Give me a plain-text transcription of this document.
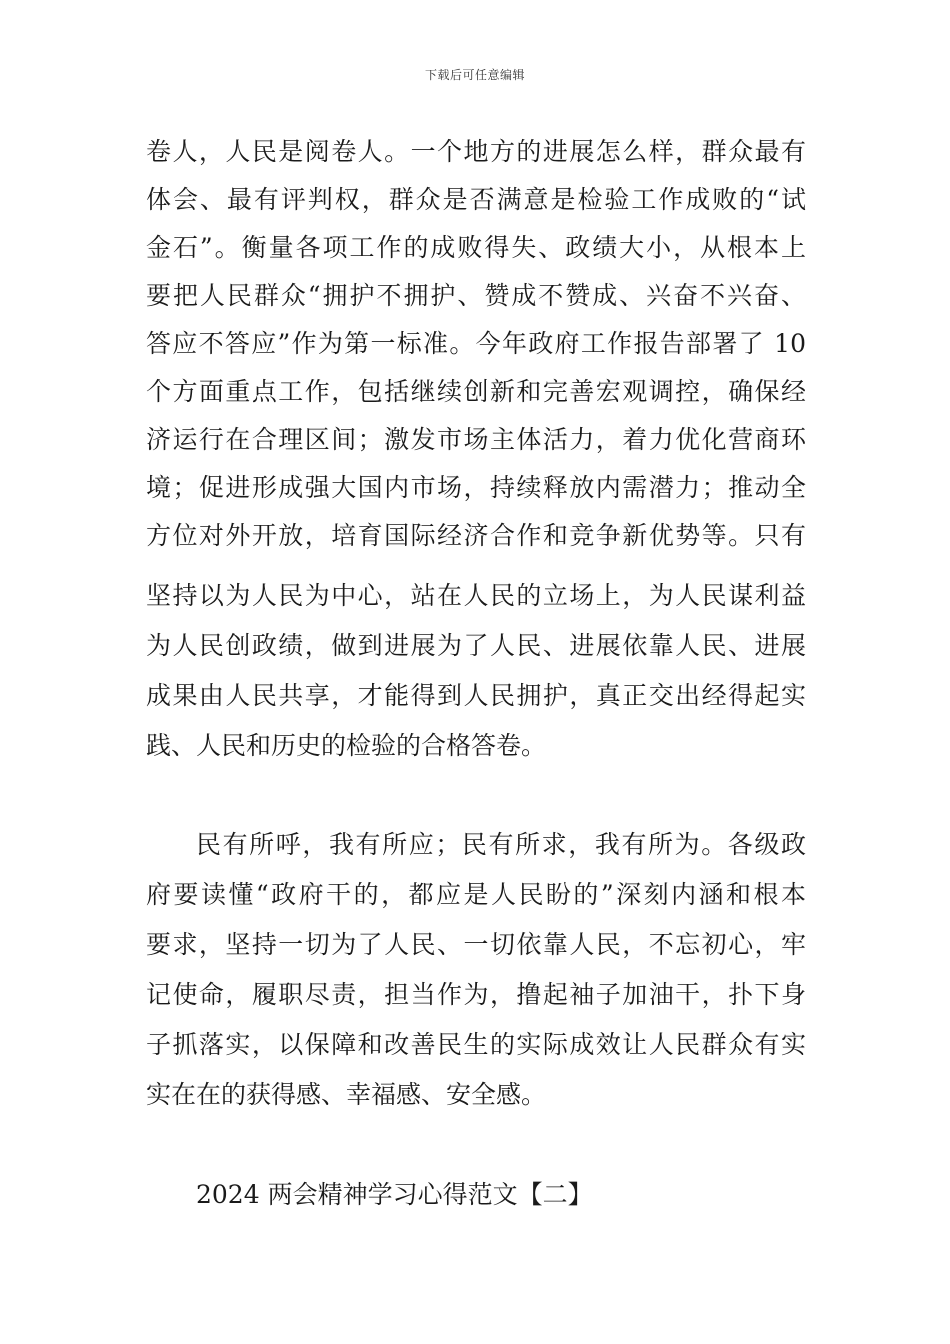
下载后可任意编辑
卷人，人民是阅卷人。一个地方的进展怎么样，群众最有
体会、最有评判权，群众是否满意是检验工作成败的“试
金石”。衡量各项工作的成败得失、政绩大小，从根本上
要把人民群众“拥护不拥护、赞成不赞成、兴奋不兴奋、
答应不答应”作为第一标准。今年政府工作报告部署了 10
个方面重点工作，包括继续创新和完善宏观调控，确保经
济运行在合理区间；激发市场主体活力，着力优化营商环
境；促进形成强大国内市场，持续释放内需潜力；推动全
方位对外开放，培育国际经济合作和竞争新优势等。只有
坚持以为人民为中心，站在人民的立场上，为人民谋利益
为人民创政绩，做到进展为了人民、进展依靠人民、进展
成果由人民共享，才能得到人民拥护，真正交出经得起实
践、人民和历史的检验的合格答卷。
民有所呼，我有所应；民有所求，我有所为。各级政
府要读懂“政府干的，都应是人民盼的”深刻内涵和根本
要求，坚持一切为了人民、一切依靠人民，不忘初心，牢
记使命，履职尽责，担当作为，撸起袖子加油干，扑下身
子抓落实，以保障和改善民生的实际成效让人民群众有实
实在在的获得感、幸福感、安全感。
2024 两会精神学习心得范文【二】
